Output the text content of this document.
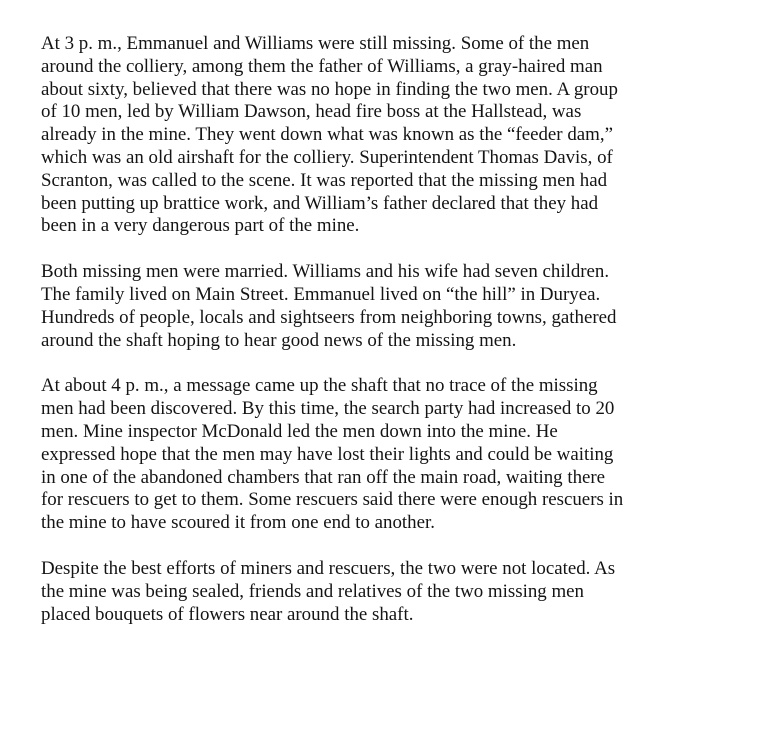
At 3 p. m., Emmanuel and Williams were still missing. Some of the men
around the colliery, among them the father of Williams, a gray-haired man
about sixty, believed that there was no hope in finding the two men. A group
of 10 men, led by William Dawson, head fire boss at the Hallstead, was
already in the mine. They went down what was known as the “feeder dam,”
which was an old airshaft for the colliery. Superintendent Thomas Davis, of
Scranton, was called to the scene. It was reported that the missing men had
been putting up brattice work, and William’s father declared that they had
been in a very dangerous part of the mine.

Both missing men were married. Williams and his wife had seven children.
The family lived on Main Street. Emmanuel lived on “the hill” in Duryea.
Hundreds of people, locals and sightseers from neighboring towns, gathered
around the shaft hoping to hear good news of the missing men.

At about 4 p. m., a message came up the shaft that no trace of the missing
men had been discovered. By this time, the search party had increased to 20
men. Mine inspector McDonald led the men down into the mine. He
expressed hope that the men may have lost their lights and could be waiting
in one of the abandoned chambers that ran off the main road, waiting there
for rescuers to get to them. Some rescuers said there were enough rescuers in
the mine to have scoured it from one end to another.

Despite the best efforts of miners and rescuers, the two were not located. As
the mine was being sealed, friends and relatives of the two missing men
placed bouquets of flowers near around the shaft.
